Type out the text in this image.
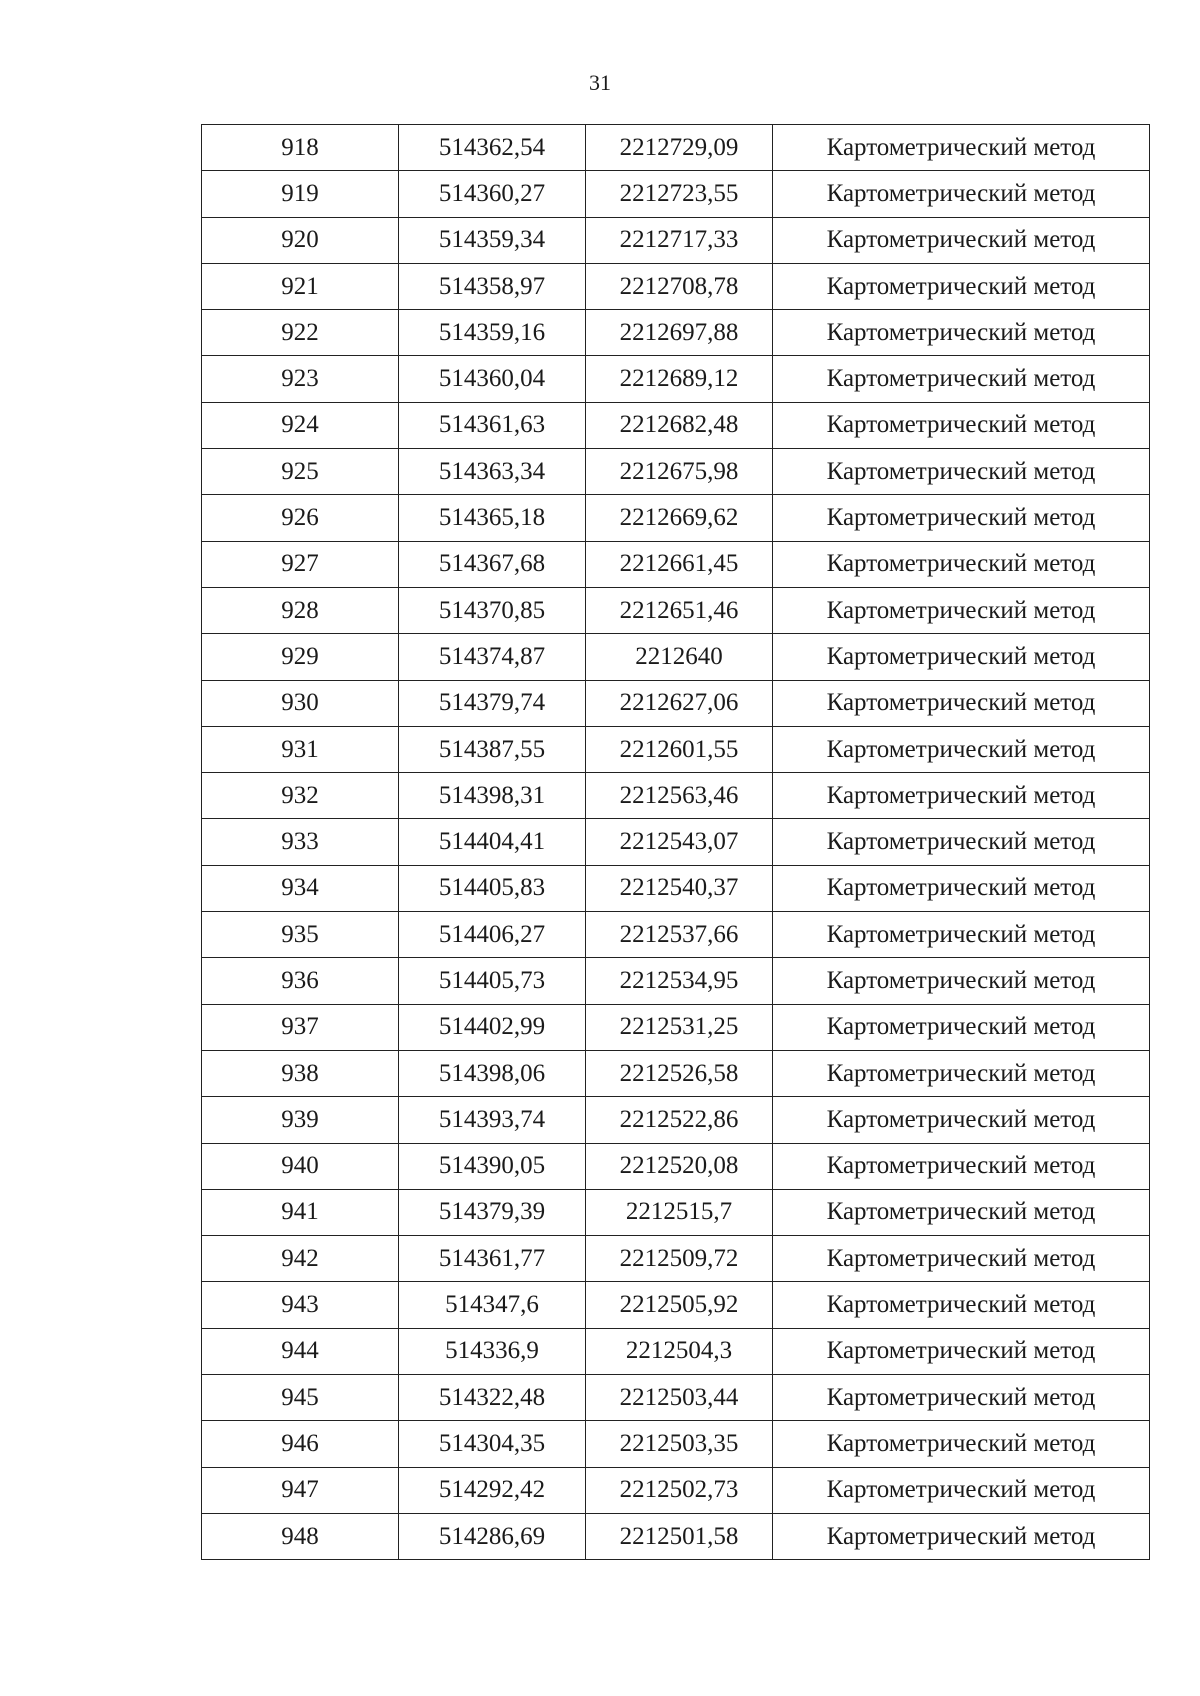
31
918	514362,54	2212729,09	Картометрический метод
919	514360,27	2212723,55	Картометрический метод
920	514359,34	2212717,33	Картометрический метод
921	514358,97	2212708,78	Картометрический метод
922	514359,16	2212697,88	Картометрический метод
923	514360,04	2212689,12	Картометрический метод
924	514361,63	2212682,48	Картометрический метод
925	514363,34	2212675,98	Картометрический метод
926	514365,18	2212669,62	Картометрический метод
927	514367,68	2212661,45	Картометрический метод
928	514370,85	2212651,46	Картометрический метод
929	514374,87	2212640	Картометрический метод
930	514379,74	2212627,06	Картометрический метод
931	514387,55	2212601,55	Картометрический метод
932	514398,31	2212563,46	Картометрический метод
933	514404,41	2212543,07	Картометрический метод
934	514405,83	2212540,37	Картометрический метод
935	514406,27	2212537,66	Картометрический метод
936	514405,73	2212534,95	Картометрический метод
937	514402,99	2212531,25	Картометрический метод
938	514398,06	2212526,58	Картометрический метод
939	514393,74	2212522,86	Картометрический метод
940	514390,05	2212520,08	Картометрический метод
941	514379,39	2212515,7	Картометрический метод
942	514361,77	2212509,72	Картометрический метод
943	514347,6	2212505,92	Картометрический метод
944	514336,9	2212504,3	Картометрический метод
945	514322,48	2212503,44	Картометрический метод
946	514304,35	2212503,35	Картометрический метод
947	514292,42	2212502,73	Картометрический метод
948	514286,69	2212501,58	Картометрический метод
